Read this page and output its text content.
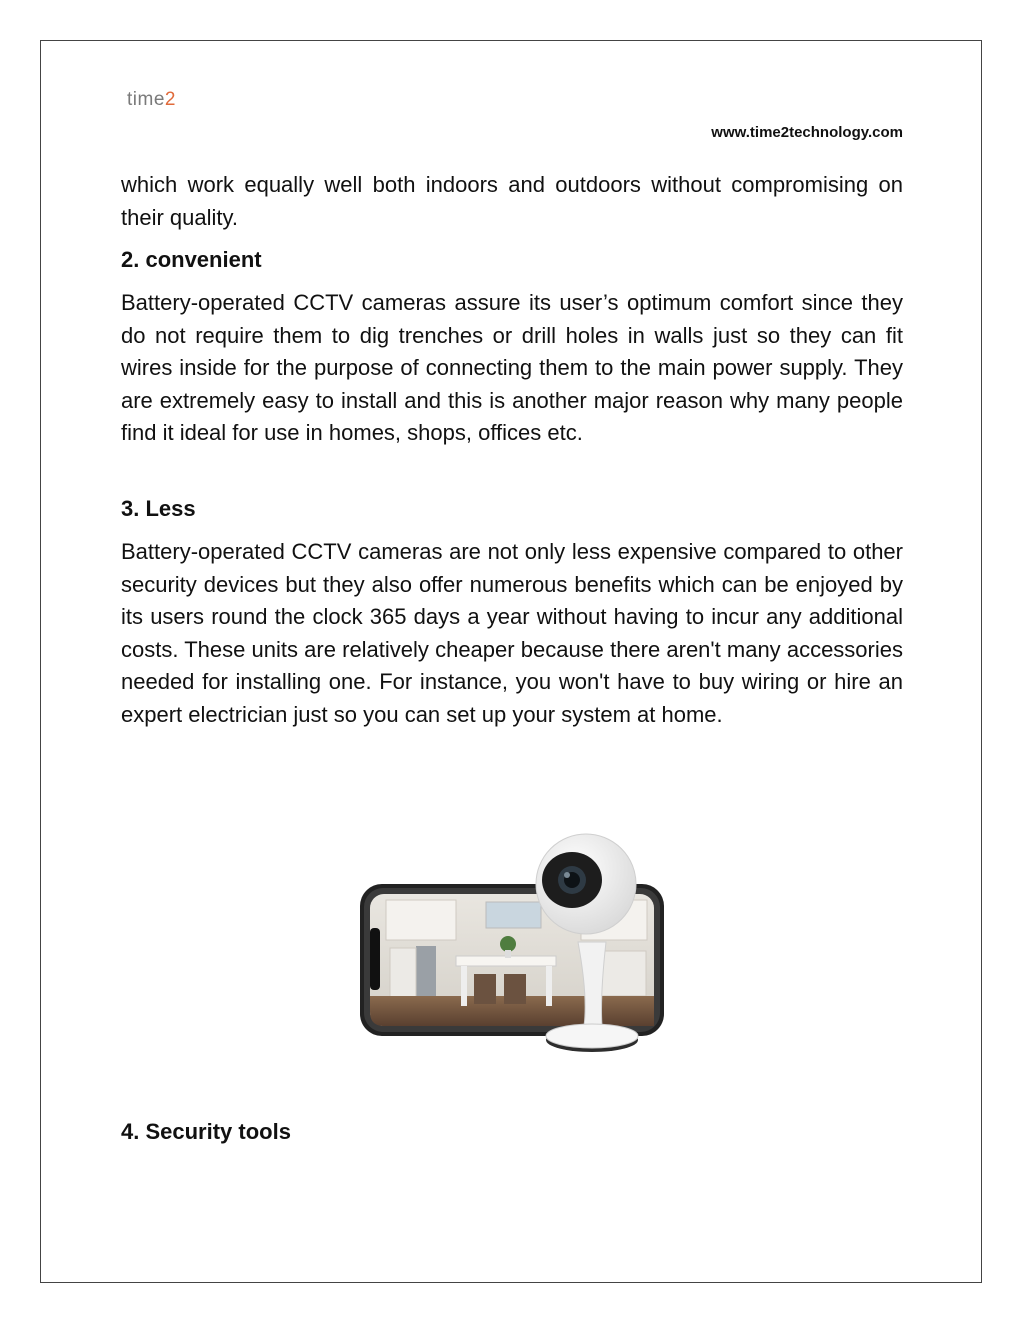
time 2
www.time2technology.com

which work equally well both indoors and outdoors without compromising on their quality.

2. convenient

Battery-operated CCTV cameras assure its user’s optimum comfort since they do not require them to dig trenches or drill holes in walls just so they can fit wires inside for the purpose of connecting them to the main power supply. They are extremely easy to install and this is another major reason why many people find it ideal for use in homes, shops, offices etc.

3. Less

Battery-operated CCTV cameras are not only less expensive compared to other security devices but they also offer numerous benefits which can be enjoyed by its users round the clock 365 days a year without having to incur any additional costs. These units are relatively cheaper because there aren't many accessories needed for installing one. For instance, you won't have to buy wiring or hire an expert electrician just so you can set up your system at home.

4. Security tools
